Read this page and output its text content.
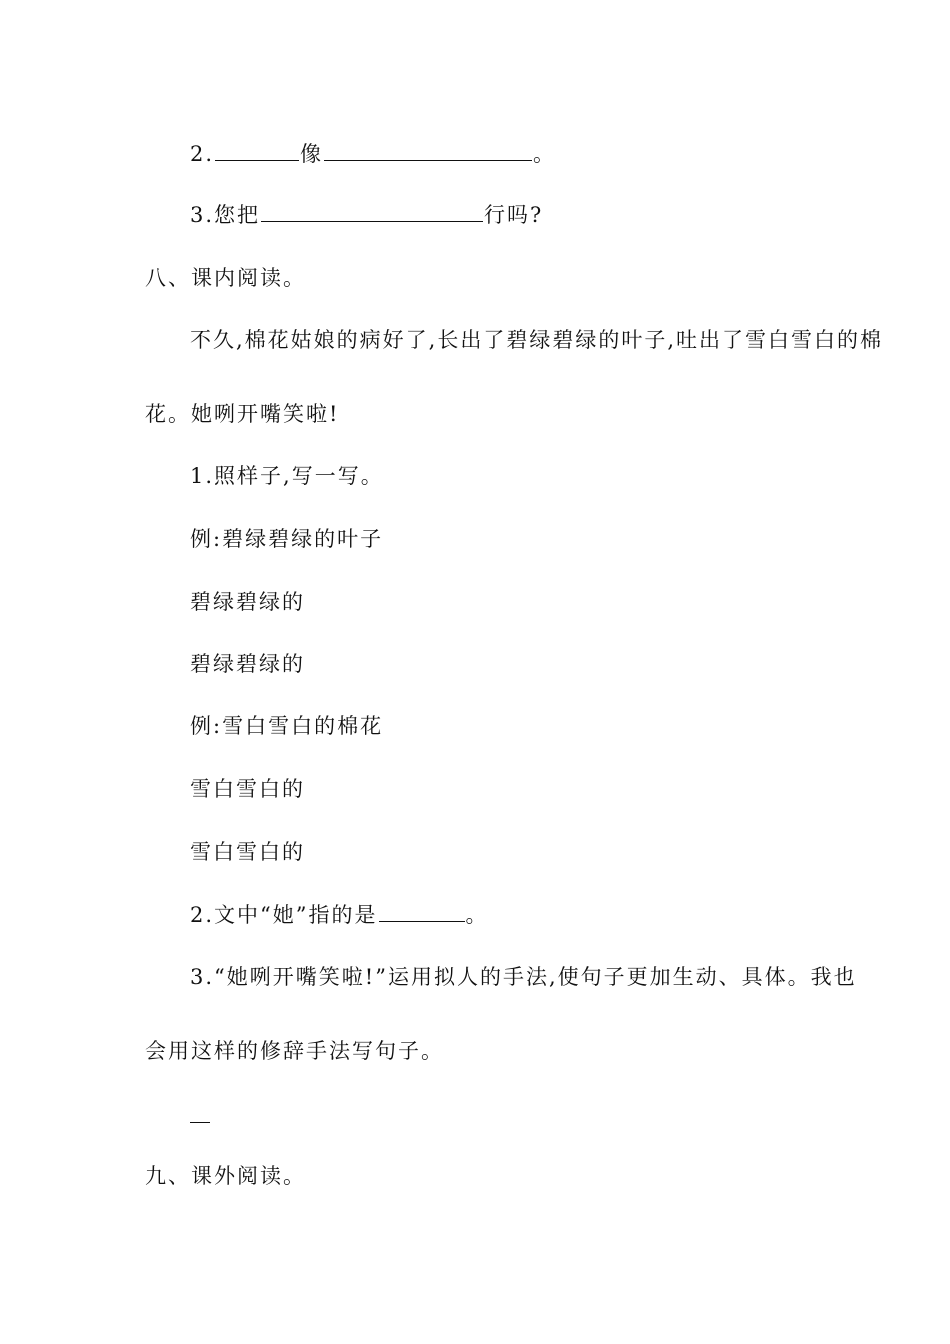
2.	像	。
3.您把	行吗?
八、课内阅读。
不久,棉花姑娘的病好了,长出了碧绿碧绿的叶子,吐出了雪白雪白的棉
花。她咧开嘴笑啦!
1.照样子,写一写。
例:碧绿碧绿的叶子
碧绿碧绿的
碧绿碧绿的
例:雪白雪白的棉花
雪白雪白的
雪白雪白的
2.文中“她”指的是	。
3.“她咧开嘴笑啦!”运用拟人的手法,使句子更加生动、具体。我也
会用这样的修辞手法写句子。
九、课外阅读。
